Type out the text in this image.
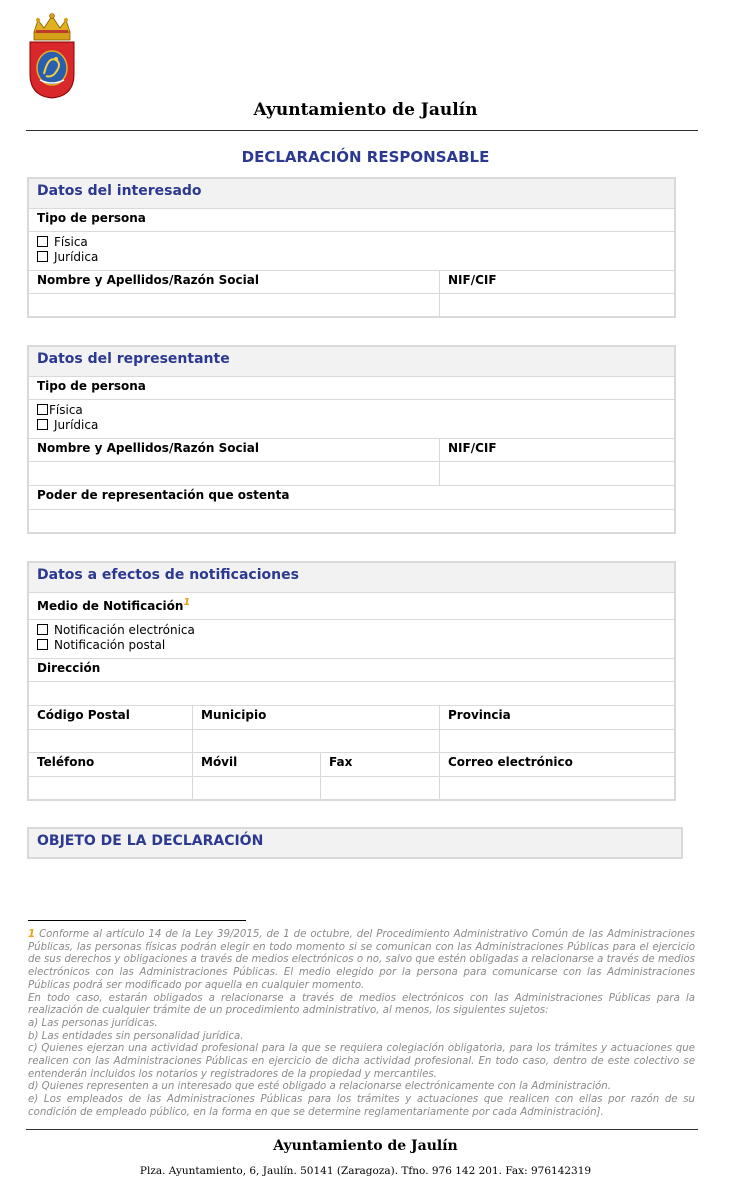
Ayuntamiento de Jaulín
DECLARACIÓN RESPONSABLE
Datos del interesado
Tipo de persona
Física
Jurídica
Nombre y Apellidos/Razón Social	NIF/CIF
Datos del representante
Tipo de persona
Física
Jurídica
Nombre y Apellidos/Razón Social	NIF/CIF
Poder de representación que ostenta
Datos a efectos de notificaciones
Medio de Notificación$^1$
Notificación electrónica
Notificación postal
Dirección
Código Postal	Municipio	Provincia
Teléfono	Móvil	Fax	Correo electrónico
OBJETO DE LA DECLARACIÓN

1 Conforme al artículo 14 de la Ley 39/2015, de 1 de octubre, del Procedimiento Administrativo Común de las Administraciones Públicas, las personas físicas podrán elegir en todo momento si se comunican con las Administraciones Públicas para el ejercicio de sus derechos y obligaciones a través de medios electrónicos o no, salvo que estén obligadas a relacionarse a través de medios electrónicos con las Administraciones Públicas. El medio elegido por la persona para comunicarse con las Administraciones Públicas podrá ser modificado por aquella en cualquier momento.

En todo caso, estarán obligados a relacionarse a través de medios electrónicos con las Administraciones Públicas para la realización de cualquier trámite de un procedimiento administrativo, al menos, los siguientes sujetos:

a) Las personas jurídicas.

b) Las entidades sin personalidad jurídica.

c) Quienes ejerzan una actividad profesional para la que se requiera colegiación obligatoria, para los trámites y actuaciones que realicen con las Administraciones Públicas en ejercicio de dicha actividad profesional. En todo caso, dentro de este colectivo se entenderán incluidos los notarios y registradores de la propiedad y mercantiles.

d) Quienes representen a un interesado que esté obligado a relacionarse electrónicamente con la Administración.

e) Los empleados de las Administraciones Públicas para los trámites y actuaciones que realicen con ellas por razón de su condición de empleado público, en la forma en que se determine reglamentariamente por cada Administración].

Ayuntamiento de Jaulín
Plza. Ayuntamiento, 6, Jaulín. 50141 (Zaragoza). Tfno. 976 142 201. Fax: 976142319
